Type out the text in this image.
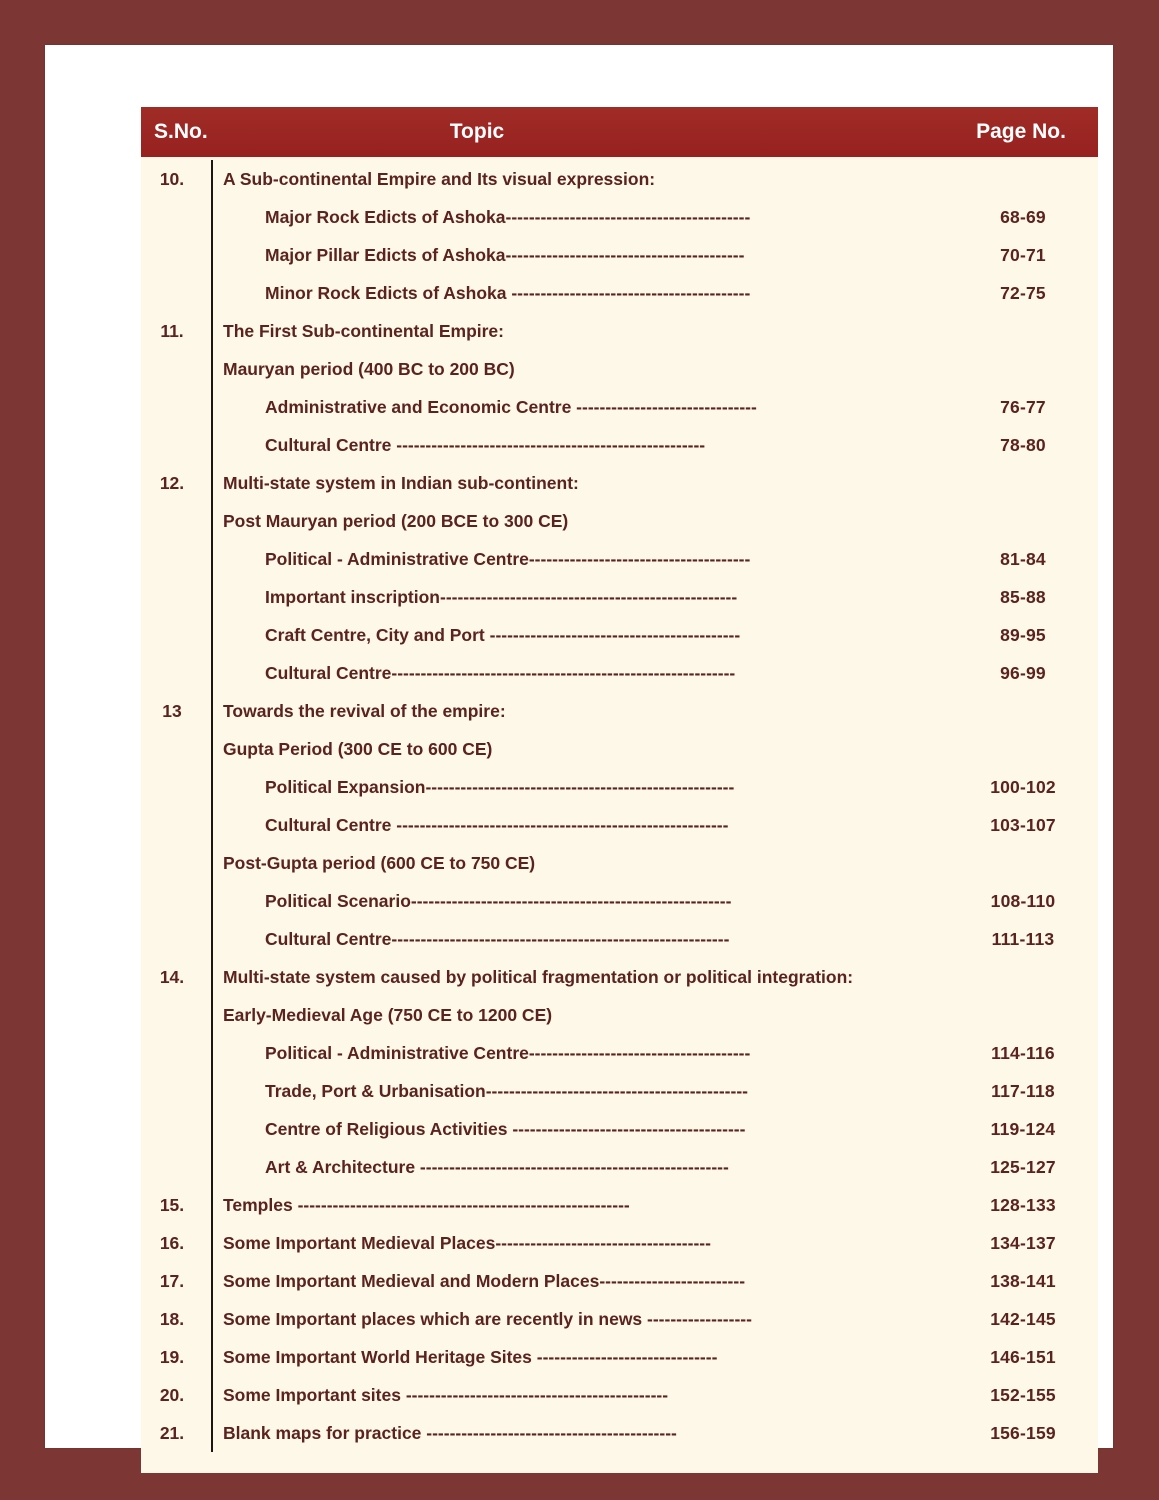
S.No.	Topic	Page No.
10.	A Sub-continental Empire and Its visual expression:
Major Rock Edicts of Ashoka------------------------------------------	68-69
Major Pillar Edicts of Ashoka-----------------------------------------	70-71
Minor Rock Edicts of Ashoka -----------------------------------------	72-75
11.	The First Sub-continental Empire:
Mauryan period (400 BC to 200 BC)
Administrative and Economic Centre -------------------------------	76-77
Cultural Centre -----------------------------------------------------	78-80
12.	Multi-state system in Indian sub-continent:
Post Mauryan period (200 BCE to 300 CE)
Political - Administrative Centre--------------------------------------	81-84
Important inscription---------------------------------------------------	85-88
Craft Centre, City and Port -------------------------------------------	89-95
Cultural Centre-----------------------------------------------------------	96-99
13	Towards the revival of the empire:
Gupta Period (300 CE to 600 CE)
Political Expansion-----------------------------------------------------	100-102
Cultural Centre ---------------------------------------------------------	103-107
Post-Gupta period (600 CE to 750 CE)
Political Scenario-------------------------------------------------------	108-110
Cultural Centre----------------------------------------------------------	111-113
14.	Multi-state system caused by political fragmentation or political integration:
Early-Medieval Age (750 CE to 1200 CE)
Political - Administrative Centre--------------------------------------	114-116
Trade, Port & Urbanisation---------------------------------------------	117-118
Centre of Religious Activities ----------------------------------------	119-124
Art & Architecture -----------------------------------------------------	125-127
15.	Temples ---------------------------------------------------------	128-133
16.	Some Important Medieval Places-------------------------------------	134-137
17.	Some Important Medieval and Modern Places-------------------------	138-141
18.	Some Important places which are recently in news ------------------	142-145
19.	Some Important World Heritage Sites -------------------------------	146-151
20.	Some Important sites ---------------------------------------------	152-155
21.	Blank maps for practice -------------------------------------------	156-159
